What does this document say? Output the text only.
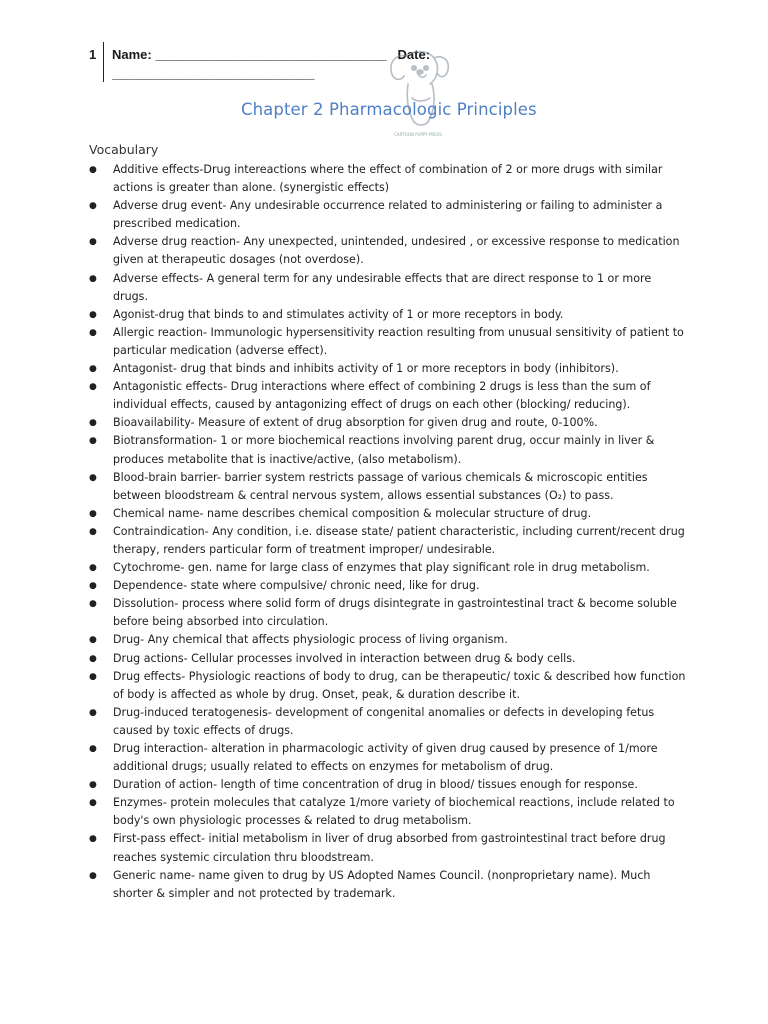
1 Name: ________________________________   Date:
____________________________
CARTOON PUPPY PRESS
Chapter 2 Pharmacologic Principles
Vocabulary
● Additive effects-Drug intereactions where the effect of combination of 2 or more drugs with similar actions is greater than alone. (synergistic effects)
● Adverse drug event- Any undesirable occurrence related to administering or failing to administer a prescribed medication.
● Adverse drug reaction- Any unexpected, unintended, undesired , or excessive response to medication given at therapeutic dosages (not overdose).
● Adverse effects- A general term for any undesirable effects that are direct response to 1 or more drugs.
● Agonist-drug that binds to and stimulates activity of 1 or more receptors in body.
● Allergic reaction- Immunologic hypersensitivity reaction resulting from unusual sensitivity of patient to particular medication (adverse effect).
● Antagonist- drug that binds and inhibits activity of 1 or more receptors in body (inhibitors).
● Antagonistic effects- Drug interactions where effect of combining 2 drugs is less than the sum of individual effects, caused by antagonizing effect of drugs on each other (blocking/ reducing).
● Bioavailability- Measure of extent of drug absorption for given drug and route, 0-100%.
● Biotransformation- 1 or more biochemical reactions involving parent drug, occur mainly in liver & produces metabolite that is inactive/active, (also metabolism).
● Blood-brain barrier- barrier system restricts passage of various chemicals & microscopic entities between bloodstream & central nervous system, allows essential substances (O₂) to pass.
● Chemical name- name describes chemical composition & molecular structure of drug.
● Contraindication- Any condition, i.e. disease state/ patient characteristic, including current/recent drug therapy, renders particular form of treatment improper/ undesirable.
● Cytochrome- gen. name for large class of enzymes that play significant role in drug metabolism.
● Dependence- state where compulsive/ chronic need, like for drug.
● Dissolution- process where solid form of drugs disintegrate in gastrointestinal tract & become soluble before being absorbed into circulation.
● Drug- Any chemical that affects physiologic process of living organism.
● Drug actions- Cellular processes involved in interaction between drug & body cells.
● Drug effects- Physiologic reactions of body to drug, can be therapeutic/ toxic & described how function of body is affected as whole by drug. Onset, peak, & duration describe it.
● Drug-induced teratogenesis- development of congenital anomalies or defects in developing fetus caused by toxic effects of drugs.
● Drug interaction- alteration in pharmacologic activity of given drug caused by presence of 1/more additional drugs; usually related to effects on enzymes for metabolism of drug.
● Duration of action- length of time concentration of drug in blood/ tissues enough for response.
● Enzymes- protein molecules that catalyze 1/more variety of biochemical reactions, include related to body's own physiologic processes & related to drug metabolism.
● First-pass effect- initial metabolism in liver of drug absorbed from gastrointestinal tract before drug reaches systemic circulation thru bloodstream.
● Generic name- name given to drug by US Adopted Names Council. (nonproprietary name). Much shorter & simpler and not protected by trademark.
